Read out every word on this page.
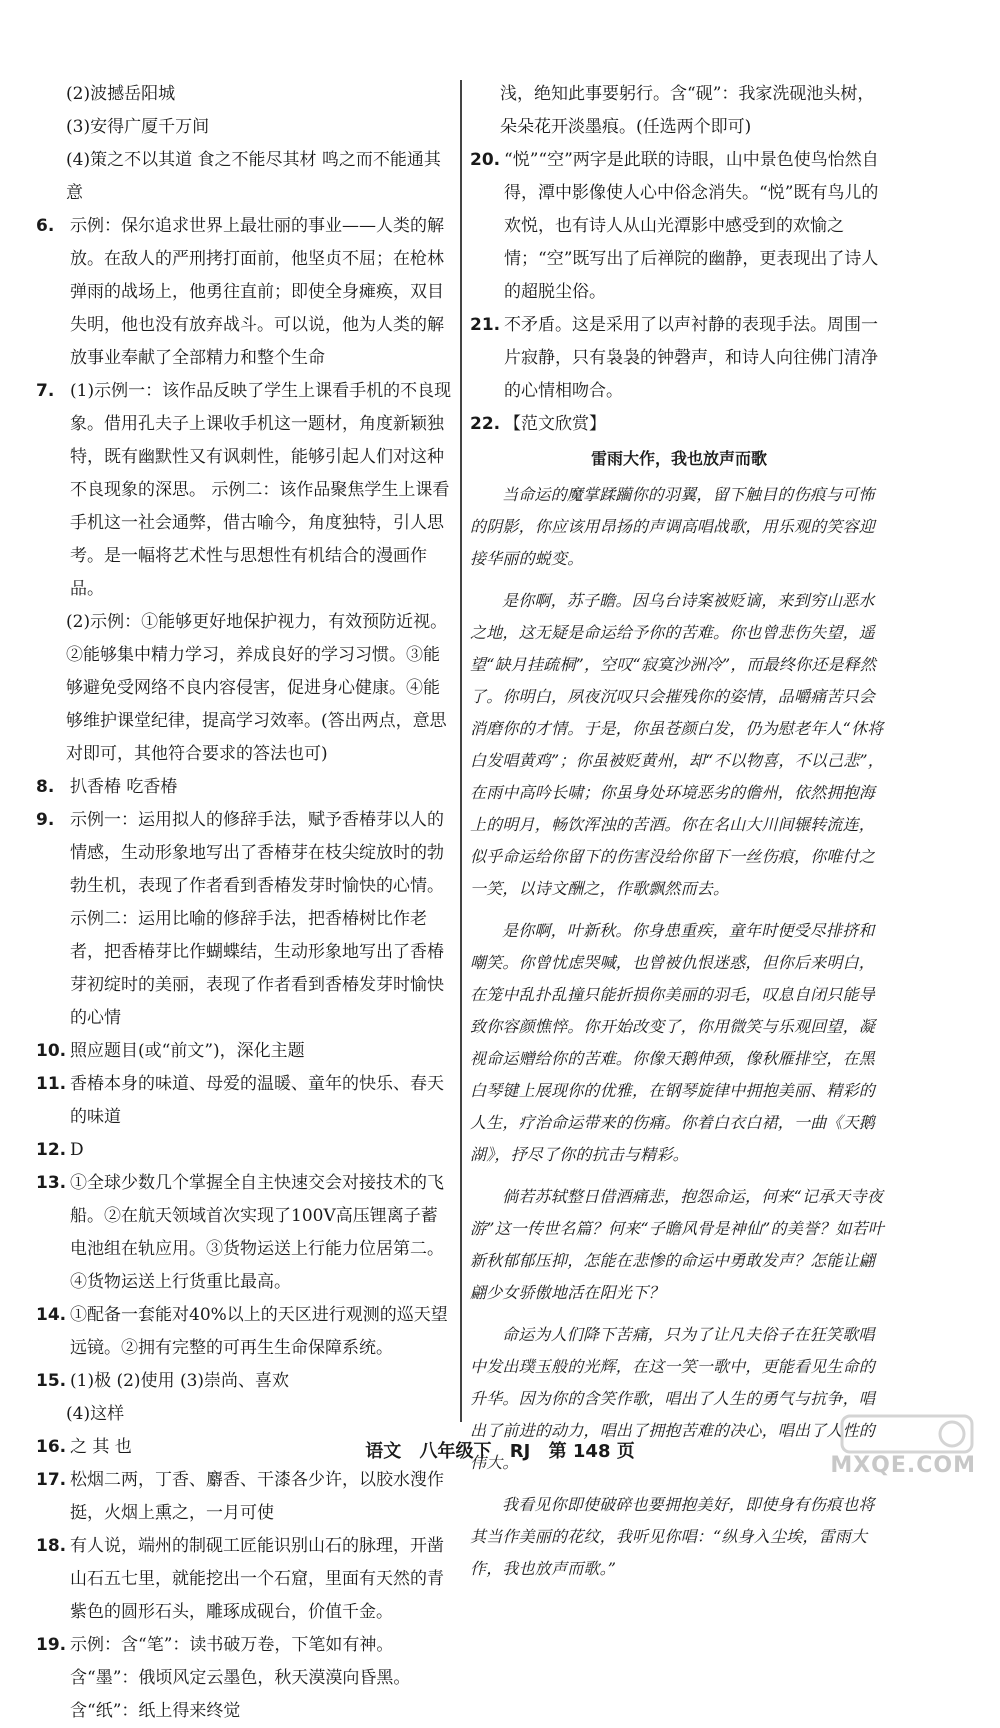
(2)波撼岳阳城
(3)安得广厦千万间
(4)策之不以其道 食之不能尽其材 鸣之而不能通其意
6. 示例：保尔追求世界上最壮丽的事业——人类的解放。在敌人的严刑拷打面前，他坚贞不屈；在枪林弹雨的战场上，他勇往直前；即使全身瘫痪，双目失明，他也没有放弃战斗。可以说，他为人类的解放事业奉献了全部精力和整个生命
7. (1)示例一：该作品反映了学生上课看手机的不良现象。借用孔夫子上课收手机这一题材，角度新颖独特，既有幽默性又有讽刺性，能够引起人们对这种不良现象的深思。 示例二：该作品聚焦学生上课看手机这一社会通弊，借古喻今，角度独特，引人思考。是一幅将艺术性与思想性有机结合的漫画作品。
(2)示例：①能够更好地保护视力，有效预防近视。②能够集中精力学习，养成良好的学习习惯。③能够避免受网络不良内容侵害，促进身心健康。④能够维护课堂纪律，提高学习效率。(答出两点，意思对即可，其他符合要求的答法也可)
8. 扒香椿 吃香椿
9. 示例一：运用拟人的修辞手法，赋予香椿芽以人的情感，生动形象地写出了香椿芽在枝尖绽放时的勃勃生机，表现了作者看到香椿发芽时愉快的心情。 示例二：运用比喻的修辞手法，把香椿树比作老者，把香椿芽比作蝴蝶结，生动形象地写出了香椿芽初绽时的美丽，表现了作者看到香椿发芽时愉快的心情
10. 照应题目(或“前文”)，深化主题
11. 香椿本身的味道、母爱的温暖、童年的快乐、春天的味道
12. D
13. ①全球少数几个掌握全自主快速交会对接技术的飞船。②在航天领域首次实现了100V高压锂离子蓄电池组在轨应用。③货物运送上行能力位居第二。④货物运送上行货重比最高。
14. ①配备一套能对40%以上的天区进行观测的巡天望远镜。②拥有完整的可再生生命保障系统。
15. (1)极 (2)使用 (3)崇尚、喜欢
(4)这样
16. 之 其 也
17. 松烟二两，丁香、麝香、干漆各少许，以胶水溲作挺，火烟上熏之，一月可使
18. 有人说，端州的制砚工匠能识别山石的脉理，开凿山石五七里，就能挖出一个石窟，里面有天然的青紫色的圆形石头，雕琢成砚台，价值千金。
19. 示例：含“笔”：读书破万卷，下笔如有神。含“墨”：俄顷风定云墨色，秋天漠漠向昏黑。含“纸”：纸上得来终觉
浅，绝知此事要躬行。含“砚”：我家洗砚池头树，朵朵花开淡墨痕。(任选两个即可)
20. “悦”“空”两字是此联的诗眼，山中景色使鸟怡然自得，潭中影像使人心中俗念消失。“悦”既有鸟儿的欢悦，也有诗人从山光潭影中感受到的欢愉之情；“空”既写出了后禅院的幽静，更表现出了诗人的超脱尘俗。
21. 不矛盾。这是采用了以声衬静的表现手法。周围一片寂静，只有袅袅的钟磬声，和诗人向往佛门清净的心情相吻合。
22. 【范文欣赏】
雷雨大作，我也放声而歌

当命运的魔掌蹂躏你的羽翼，留下触目的伤痕与可怖的阴影，你应该用昂扬的声调高唱战歌，用乐观的笑容迎接华丽的蜕变。

是你啊，苏子瞻。因乌台诗案被贬谪，来到穷山恶水之地，这无疑是命运给予你的苦难。你也曾悲伤失望，遥望“缺月挂疏桐”，空叹“寂寞沙洲冷”，而最终你还是释然了。你明白，夙夜沉叹只会摧残你的姿情，品嚼痛苦只会消磨你的才情。于是，你虽苍颜白发，仍为慰老年人“休将白发唱黄鸡”；你虽被贬黄州，却“不以物喜，不以己悲”，在雨中高吟长啸；你虽身处环境恶劣的儋州，依然拥抱海上的明月，畅饮浑浊的苦酒。你在名山大川间辗转流连，似乎命运给你留下的伤害没给你留下一丝伤痕，你唯付之一笑，以诗文酬之，作歌飘然而去。

是你啊，叶新秋。你身患重疾，童年时便受尽排挤和嘲笑。你曾忧虑哭喊，也曾被仇恨迷惑，但你后来明白，在笼中乱扑乱撞只能折损你美丽的羽毛，叹息自闭只能导致你容颜憔悴。你开始改变了，你用微笑与乐观回望，凝视命运赠给你的苦难。你像天鹅伸颈，像秋雁排空，在黑白琴键上展现你的优雅，在钢琴旋律中拥抱美丽、精彩的人生，疗治命运带来的伤痛。你着白衣白裙，一曲《天鹅湖》，抒尽了你的抗击与精彩。

倘若苏轼整日借酒痛悲，抱怨命运，何来“记承天寺夜游”这一传世名篇？何来“子瞻风骨是神仙”的美誉？如若叶新秋郁郁压抑，怎能在悲惨的命运中勇敢发声？怎能让翩翩少女骄傲地活在阳光下？

命运为人们降下苦痛，只为了让凡夫俗子在狂笑歌唱中发出璞玉般的光辉，在这一笑一歌中，更能看见生命的升华。因为你的含笑作歌，唱出了人生的勇气与抗争，唱出了前进的动力，唱出了拥抱苦难的决心，唱出了人性的伟大。

我看见你即使破碎也要拥抱美好，即使身有伤痕也将其当作美丽的花纹，我听见你唱：“纵身入尘埃，雷雨大作，我也放声而歌。”

语文 八年级下 RJ 第 148 页
MXQE.COM
